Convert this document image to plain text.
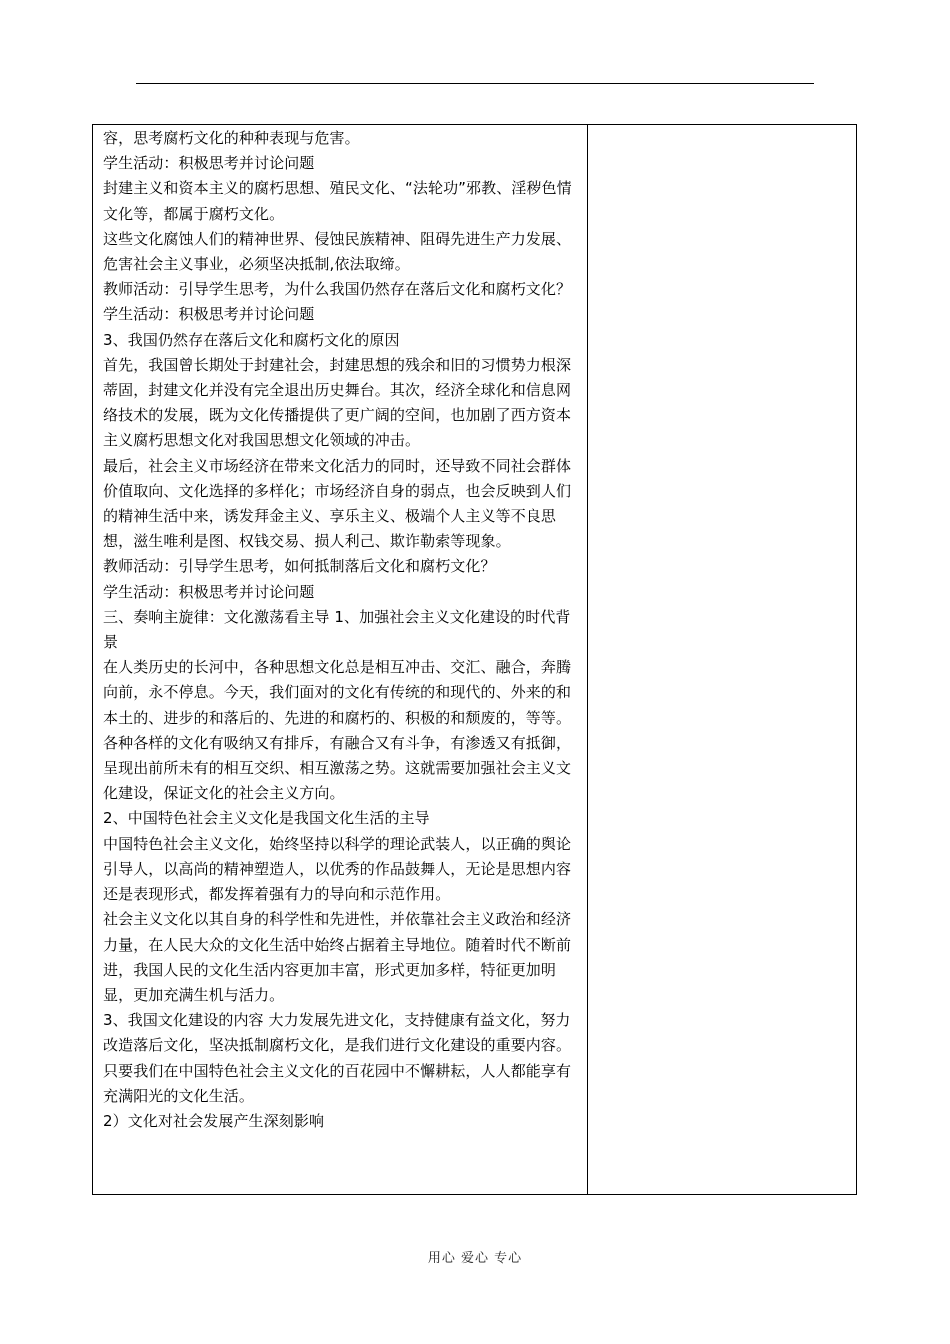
容，思考腐朽文化的种种表现与危害。

学生活动：积极思考并讨论问题

封建主义和资本主义的腐朽思想、殖民文化、“法轮功”邪教、淫秽色情文化等，都属于腐朽文化。

这些文化腐蚀人们的精神世界、侵蚀民族精神、阻碍先进生产力发展、危害社会主义事业，必须坚决抵制,依法取缔。

教师活动：引导学生思考，为什么我国仍然存在落后文化和腐朽文化？学生活动：积极思考并讨论问题

3、我国仍然存在落后文化和腐朽文化的原因

首先，我国曾长期处于封建社会，封建思想的残余和旧的习惯势力根深蒂固，封建文化并没有完全退出历史舞台。其次，经济全球化和信息网络技术的发展，既为文化传播提供了更广阔的空间，也加剧了西方资本主义腐朽思想文化对我国思想文化领域的冲击。

最后，社会主义市场经济在带来文化活力的同时，还导致不同社会群体价值取向、文化选择的多样化；市场经济自身的弱点，也会反映到人们的精神生活中来，诱发拜金主义、享乐主义、极端个人主义等不良思想，滋生唯利是图、权钱交易、损人利己、欺诈勒索等现象。

教师活动：引导学生思考，如何抵制落后文化和腐朽文化？

学生活动：积极思考并讨论问题

三、奏响主旋律：文化激荡看主导 1、加强社会主义文化建设的时代背景

在人类历史的长河中，各种思想文化总是相互冲击、交汇、融合，奔腾向前，永不停息。今天，我们面对的文化有传统的和现代的、外来的和本土的、进步的和落后的、先进的和腐朽的、积极的和颓废的，等等。

各种各样的文化有吸纳又有排斥，有融合又有斗争，有渗透又有抵御，呈现出前所未有的相互交织、相互激荡之势。这就需要加强社会主义文化建设，保证文化的社会主义方向。

2、中国特色社会主义文化是我国文化生活的主导

中国特色社会主义文化，始终坚持以科学的理论武装人，以正确的舆论引导人，以高尚的精神塑造人，以优秀的作品鼓舞人，无论是思想内容还是表现形式，都发挥着强有力的导向和示范作用。

社会主义文化以其自身的科学性和先进性，并依靠社会主义政治和经济力量，在人民大众的文化生活中始终占据着主导地位。随着时代不断前进，我国人民的文化生活内容更加丰富，形式更加多样，特征更加明显，更加充满生机与活力。

3、我国文化建设的内容 大力发展先进文化，支持健康有益文化，努力改造落后文化，坚决抵制腐朽文化，是我们进行文化建设的重要内容。

只要我们在中国特色社会主义文化的百花园中不懈耕耘，人人都能享有充满阳光的文化生活。

2）文化对社会发展产生深刻影响

用心 爱心 专心
